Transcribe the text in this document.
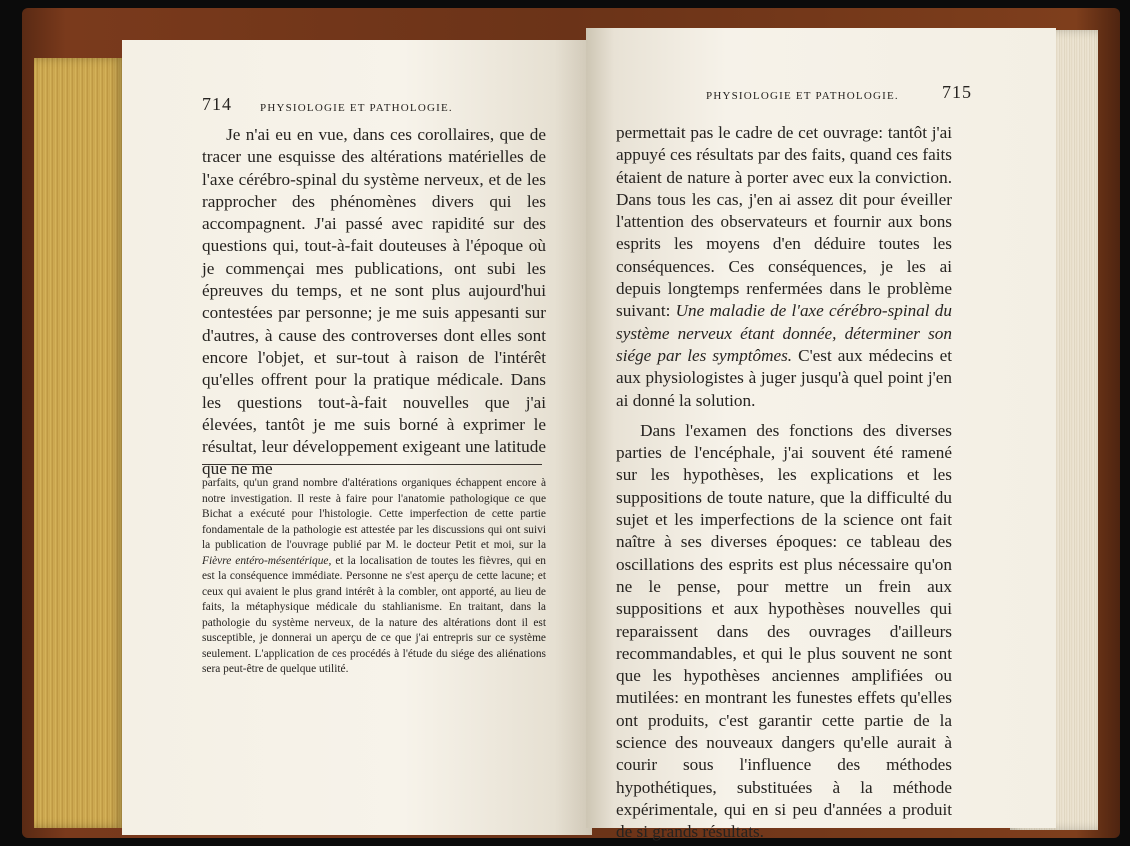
714	PHYSIOLOGIE ET PATHOLOGIE.

Je n'ai eu en vue, dans ces corollaires, que de tracer une esquisse des altérations matérielles de l'axe cérébro-spinal du système nerveux, et de les rapprocher des phénomènes divers qui les accompagnent. J'ai passé avec rapidité sur des questions qui, tout-à-fait douteuses à l'époque où je commençai mes publications, ont subi les épreuves du temps, et ne sont plus aujourd'hui contestées par personne; je me suis appesanti sur d'autres, à cause des controverses dont elles sont encore l'objet, et sur-tout à raison de l'intérêt qu'elles offrent pour la pratique médicale. Dans les questions tout-à-fait nouvelles que j'ai élevées, tantôt je me suis borné à exprimer le résultat, leur développement exigeant une latitude que ne me

parfaits, qu'un grand nombre d'altérations organiques échappent encore à notre investigation. Il reste à faire pour l'anatomie pathologique ce que Bichat a exécuté pour l'histologie. Cette imperfection de cette partie fondamentale de la pathologie est attestée par les discussions qui ont suivi la publication de l'ouvrage publié par M. le docteur Petit et moi, sur la Fièvre entéro-mésentérique, et la localisation de toutes les fièvres, qui en est la conséquence immédiate. Personne ne s'est aperçu de cette lacune; et ceux qui avaient le plus grand intérêt à la combler, ont apporté, au lieu de faits, la métaphysique médicale du stahlianisme. En traitant, dans la pathologie du système nerveux, de la nature des altérations dont il est susceptible, je donnerai un aperçu de ce que j'ai entrepris sur ce système seulement. L'application de ces procédés à l'étude du siége des aliénations sera peut-être de quelque utilité.

PHYSIOLOGIE ET PATHOLOGIE. 715

permettait pas le cadre de cet ouvrage: tantôt j'ai appuyé ces résultats par des faits, quand ces faits étaient de nature à porter avec eux la conviction. Dans tous les cas, j'en ai assez dit pour éveiller l'attention des observateurs et fournir aux bons esprits les moyens d'en déduire toutes les conséquences. Ces conséquences, je les ai depuis longtemps renfermées dans le problème suivant: Une maladie de l'axe cérébro-spinal du système nerveux étant donnée, déterminer son siége par les symptômes. C'est aux médecins et aux physiologistes à juger jusqu'à quel point j'en ai donné la solution.

Dans l'examen des fonctions des diverses parties de l'encéphale, j'ai souvent été ramené sur les hypothèses, les explications et les suppositions de toute nature, que la difficulté du sujet et les imperfections de la science ont fait naître à ses diverses époques: ce tableau des oscillations des esprits est plus nécessaire qu'on ne le pense, pour mettre un frein aux suppositions et aux hypothèses nouvelles qui reparaissent dans des ouvrages d'ailleurs recommandables, et qui le plus souvent ne sont que les hypothèses anciennes amplifiées ou mutilées: en montrant les funestes effets qu'elles ont produits, c'est garantir cette partie de la science des nouveaux dangers qu'elle aurait à courir sous l'influence des méthodes hypothétiques, substituées à la méthode expérimentale, qui en si peu d'années a produit de si grands résultats.
